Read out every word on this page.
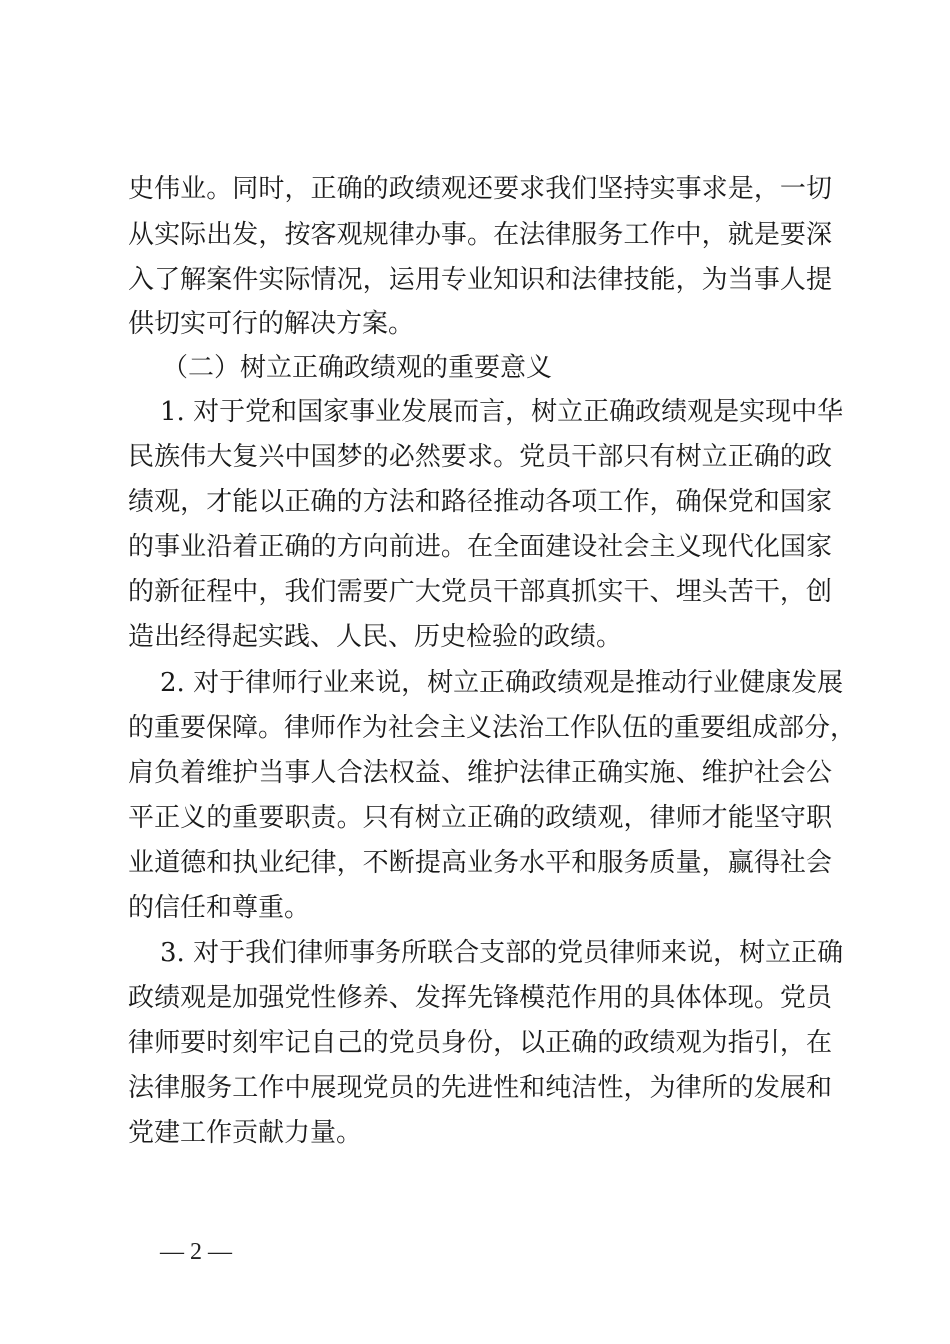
史伟业。同时，正确的政绩观还要求我们坚持实事求是，一切
从实际出发，按客观规律办事。在法律服务工作中，就是要深
入了解案件实际情况，运用专业知识和法律技能，为当事人提
供切实可行的解决方案。
（二）树立正确政绩观的重要意义
1. 对于党和国家事业发展而言，树立正确政绩观是实现中华
民族伟大复兴中国梦的必然要求。党员干部只有树立正确的政
绩观，才能以正确的方法和路径推动各项工作，确保党和国家
的事业沿着正确的方向前进。在全面建设社会主义现代化国家
的新征程中，我们需要广大党员干部真抓实干、埋头苦干，创
造出经得起实践、人民、历史检验的政绩。
2. 对于律师行业来说，树立正确政绩观是推动行业健康发展
的重要保障。律师作为社会主义法治工作队伍的重要组成部分，
肩负着维护当事人合法权益、维护法律正确实施、维护社会公
平正义的重要职责。只有树立正确的政绩观，律师才能坚守职
业道德和执业纪律，不断提高业务水平和服务质量，赢得社会
的信任和尊重。
3. 对于我们律师事务所联合支部的党员律师来说，树立正确
政绩观是加强党性修养、发挥先锋模范作用的具体体现。党员
律师要时刻牢记自己的党员身份，以正确的政绩观为指引，在
法律服务工作中展现党员的先进性和纯洁性，为律所的发展和
党建工作贡献力量。
— 2 —
